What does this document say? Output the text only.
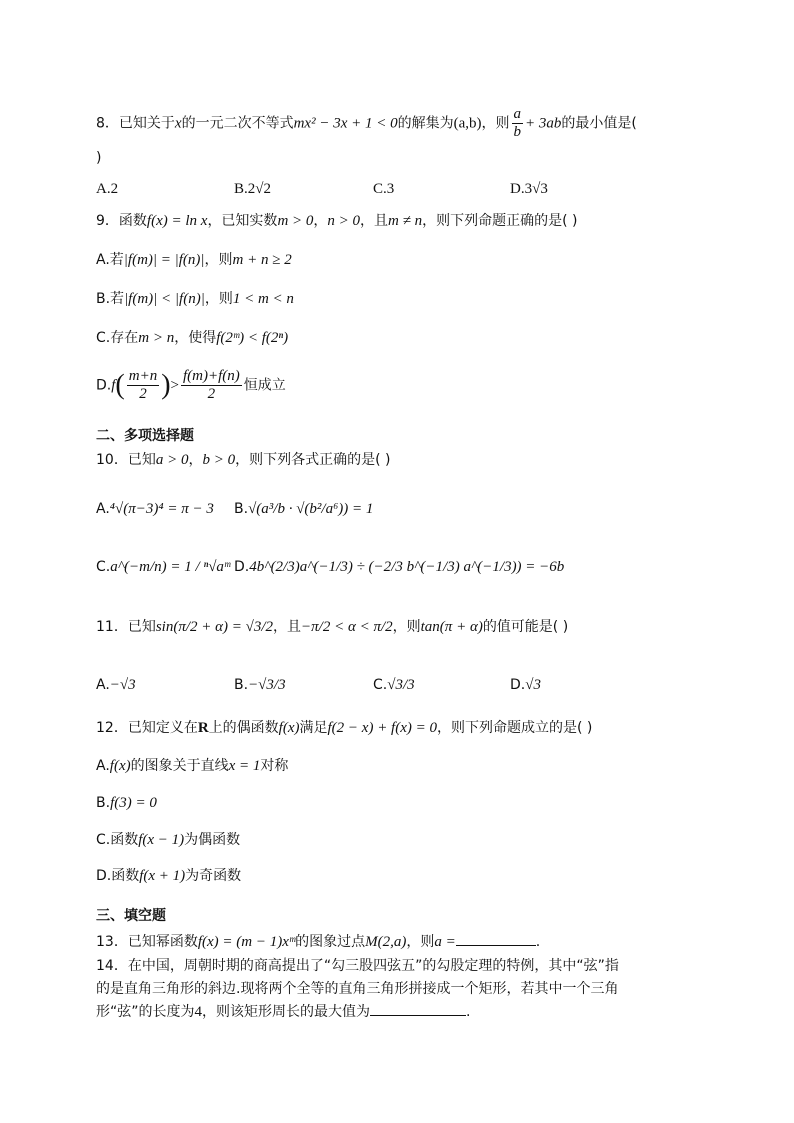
8．已知关于x的一元二次不等式mx² − 3x + 1 < 0的解集为(a,b)，则 $\frac{a}{b} + 3ab$的最小值是(
)
A.2	B.2√2	C.3	D.3√3
9．函数f(x) = ln x，已知实数m > 0，n > 0，且m ≠ n，则下列命题正确的是( )
A.若|f(m)| = |f(n)|，则m + n ≥ 2
B.若|f(m)| < |f(n)|，则1 < m < n
C.存在m > n，使得f(2ᵐ) < f(2ⁿ)
$D.f( \frac{m+n}{2}$ )> $\frac{f(m)+f(n)}{2}$ 恒成立
二、多项选择题
10．已知a > 0，b > 0，则下列各式正确的是( )
A.⁴√(π−3)⁴ = π − 3 B.√(a³/b · √(b²/a⁶)) = 1
C.a^(−m/n) = 1 / ⁿ√aᵐ D.4b^(2/3)a^(−1/3) ÷ (−2/3 b^(−1/3) a^(−1/3)) = −6b
11．已知sin(π/2 + α) = √3/2，且−π/2 < α < π/2，则tan(π + α)的值可能是( )
A.−√3	B.−√3/3	C.√3/3	D.√3
12．已知定义在R上的偶函数f(x)满足f(2 − x) + f(x) = 0，则下列命题成立的是( )
A.f(x)的图象关于直线x = 1对称
B.f(3) = 0
C.函数f(x − 1)为偶函数
D.函数f(x + 1)为奇函数
三、填空题
13．已知幂函数f(x) = (m − 1)xᵐ的图象过点M(2,a)，则a =	.
14．在中国，周朝时期的商高提出了“勾三股四弦五”的勾股定理的特例，其中“弦”指
的是直角三角形的斜边.现将两个全等的直角三角形拼接成一个矩形，若其中一个三角
形“弦”的长度为4，则该矩形周长的最大值为	.
